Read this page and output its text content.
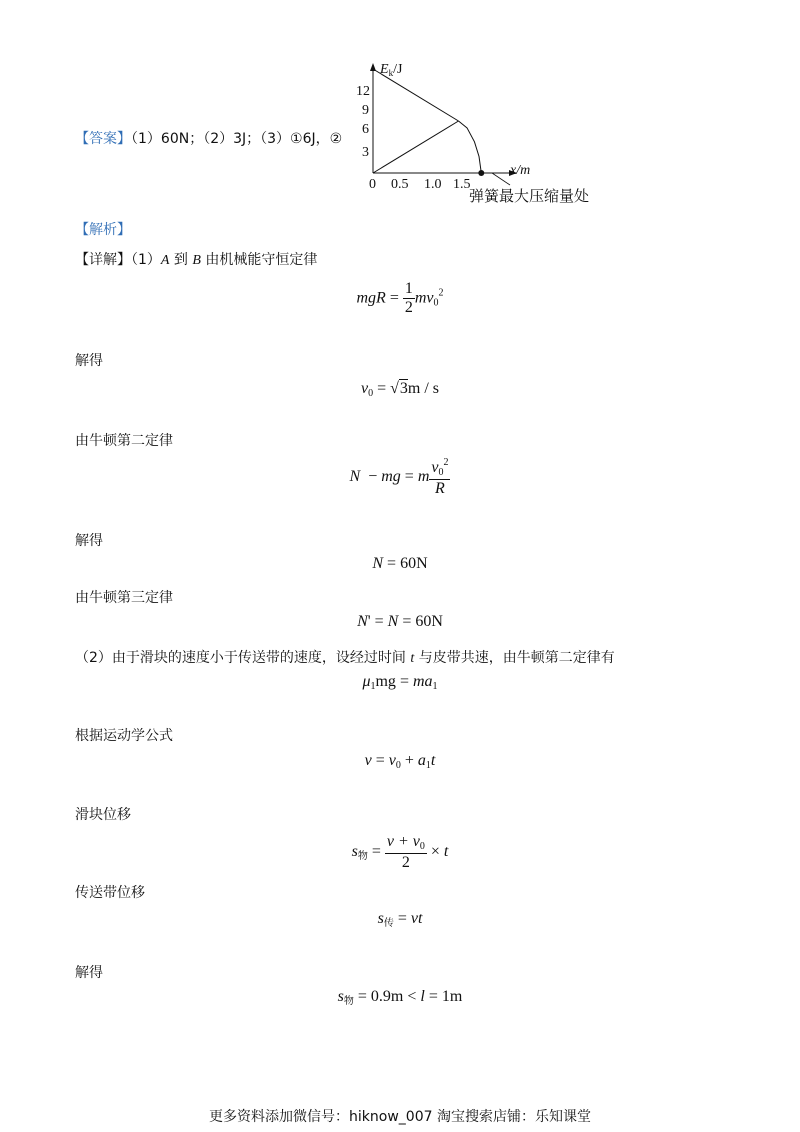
【答案】（1）60N；（2）3J；（3）①6J，②
$E_k/J$
x/m
12
9
6
3
0 0.5 1.0 1.5
弹簧最大压缩量处
【解析】
【详解】（1）A 到 B 由机械能守恒定律
mgR = $\frac{1}{2} mv_0^2$
解得
$v_0 = √3m / s$
由牛顿第二定律
N  − mg = m $\frac{v_0^2}{R}$
解得
N = 60N
由牛顿第三定律
N' = N = 60N
（2）由于滑块的速度小于传送带的速度，设经过时间 t 与皮带共速，由牛顿第二定律有
$\mu_1mg = ma_1$
根据运动学公式
$v = v_0 + a_1t$
滑块位移
$s_物 = \frac{v + v_0}{2} \times t$
传送带位移
$s_传$ = vt
解得
$s_物 = 0.9m < l = 1m$
更多资料添加微信号：hiknow_007 淘宝搜索店铺：乐知课堂
